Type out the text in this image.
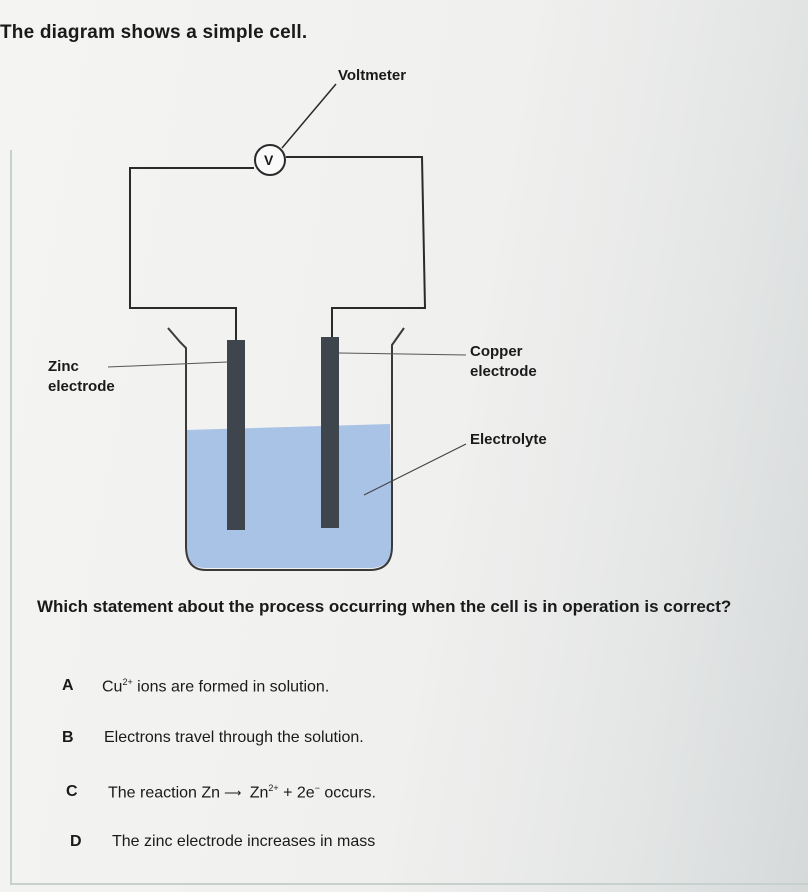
The diagram shows a simple cell.
Voltmeter
V
Zinc
electrode
Copper
electrode
Electrolyte
Which statement about the process occurring when the cell is in operation is correct?
A $Cu^{2+}$ ions are formed in solution.
B Electrons travel through the solution.
C The reaction Zn ⟶ $Zn^{2+} + 2e^-$ occurs.
D The zinc electrode increases in mass
